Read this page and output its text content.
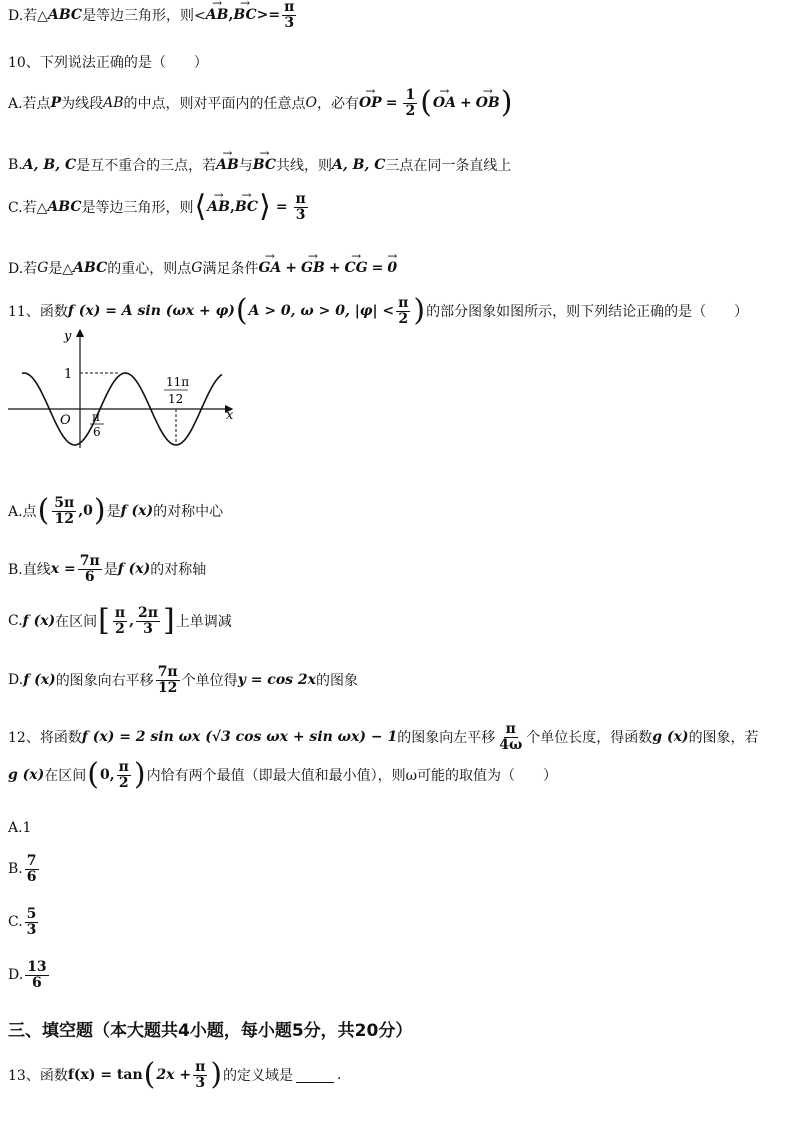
D.若△ ABC 是等边三角形，则< → AB , → BC >= $\frac{\pi}{3}$
10、下列说法正确的是（　　）
A.若点 P 为线段 AB 的中点，则对平面内的任意点 O ，必有 → OP = $\frac{1}{2}$ ( → OA + → OB )
B. A, B, C 是互不重合的三点，若 → AB 与 → BC 共线，则 A, B, C 三点在同一条直线上
C.若△ ABC 是等边三角形，则 ⟨ → AB , → BC ⟩ = $\frac{\pi}{3}$
D.若 G 是△ ABC 的重心，则点 G 满足条件 → GA + → GB + → CG = → 0
11、函数 f (x) = A sin (ωx + φ) ( A > 0, ω > 0, $|\varphi| < \frac{\pi}{2}$ ) 的部分图象如图所示，则下列结论正确的是（　　）
y
x
O
1
π
6
11π
12
A.点 ( $\frac{5\pi}{12} ,0$ ) 是 f (x) 的对称中心
B.直线 $x = \frac{7\pi}{6}$ 是 f (x) 的对称轴
C. f (x) 在区间 [ $\frac{\pi}{2}$ , $\frac{2\pi}{3}$ ] 上单调减
D. f (x) 的图象向右平移 $\frac{7\pi}{12}$ 个单位得 y = cos 2x 的图象
12、将函数 f (x) = 2 sin ωx (√3 cos ωx + sin ωx) − 1 的图象向左平移 $\frac{\pi}{4\omega}$ 个单位长度，得函数 g (x) 的图象，若
g (x) 在区间 ( 0, $\frac{\pi}{2}$ ) 内恰有两个最值（即最大值和最小值），则ω可能的取值为（　　）
A.1
B. $\frac{7}{6}$
C. $\frac{5}{3}$
D. $\frac{13}{6}$
三、填空题（本大题共4小题，每小题5分，共20分）
13、函数 f(x) = tan ( $2x + \frac{\pi}{3}$ ) 的定义域是	.
